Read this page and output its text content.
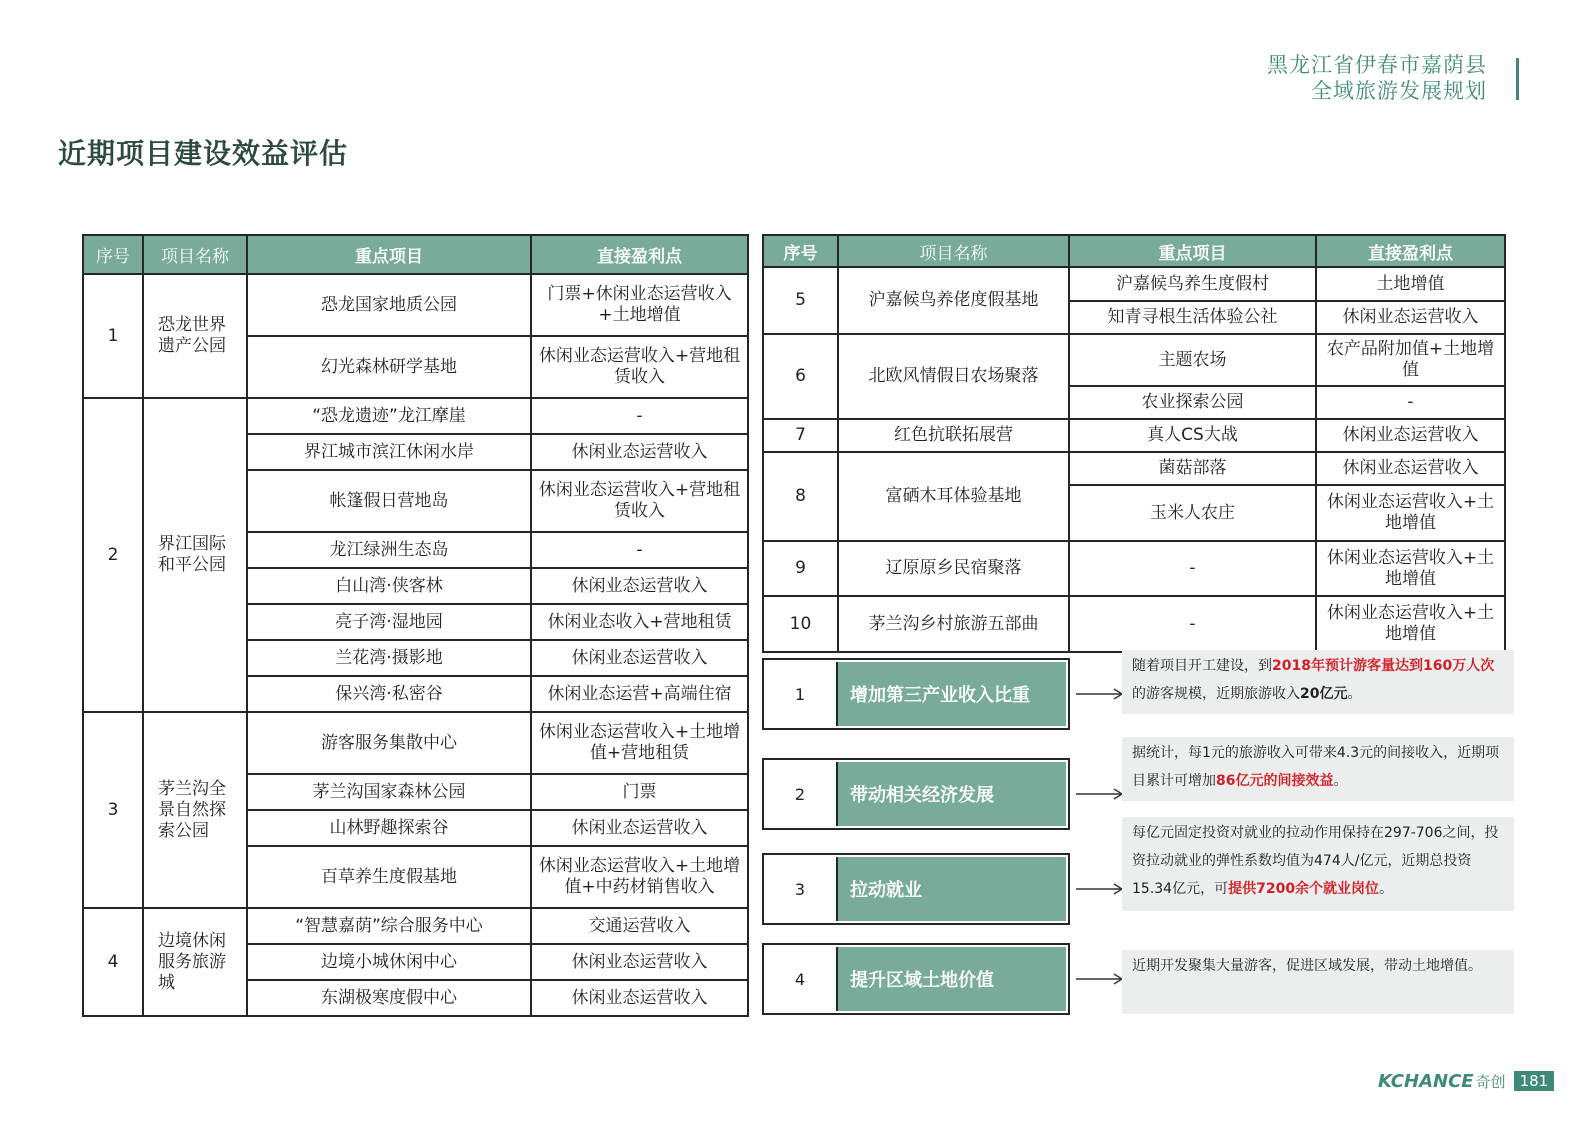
黑龙江省伊春市嘉荫县
全域旅游发展规划
近期项目建设效益评估
序号	项目名称	重点项目	直接盈利点
1	恐龙世界遗产公园	恐龙国家地质公园	门票+休闲业态运营收入+土地增值
		幻光森林研学基地	休闲业态运营收入+营地租赁收入
2	界江国际和平公园	“恐龙遗迹”龙江摩崖	-
		界江城市滨江休闲水岸	休闲业态运营收入
		帐篷假日营地岛	休闲业态运营收入+营地租赁收入
		龙江绿洲生态岛	-
		白山湾·侠客林	休闲业态运营收入
		亮子湾·湿地园	休闲业态收入+营地租赁
		兰花湾·摄影地	休闲业态运营收入
		保兴湾·私密谷	休闲业态运营+高端住宿
3	茅兰沟全景自然探索公园	游客服务集散中心	休闲业态运营收入+土地增值+营地租赁
		茅兰沟国家森林公园	门票
		山林野趣探索谷	休闲业态运营收入
		百草养生度假基地	休闲业态运营收入+土地增值+中药材销售收入
4	边境休闲服务旅游城	“智慧嘉荫”综合服务中心	交通运营收入
		边境小城休闲中心	休闲业态运营收入
		东湖极寒度假中心	休闲业态运营收入
序号	项目名称	重点项目	直接盈利点
5	沪嘉候鸟养佬度假基地	沪嘉候鸟养生度假村	土地增值
		知青寻根生活体验公社	休闲业态运营收入
6	北欧风情假日农场聚落	主题农场	农产品附加值+土地增值
		农业探索公园	-
7	红色抗联拓展营	真人CS大战	休闲业态运营收入
8	富硒木耳体验基地	菌菇部落	休闲业态运营收入
		玉米人农庄	休闲业态运营收入+土地增值
9	辽原原乡民宿聚落	-	休闲业态运营收入+土地增值
10	茅兰沟乡村旅游五部曲	-	休闲业态运营收入+土地增值
1	增加第三产业收入比重
随着项目开工建设，到2018年预计游客量达到160万人次的游客规模，近期旅游收入20亿元。
2	带动相关经济发展
据统计，每1元的旅游收入可带来4.3元的间接收入，近期项目累计可增加86亿元的间接效益。
3	拉动就业
每亿元固定投资对就业的拉动作用保持在297-706之间，投资拉动就业的弹性系数均值为474人/亿元，近期总投资15.34亿元，可提供7200余个就业岗位。
4	提升区域土地价值
近期开发聚集大量游客，促进区域发展，带动土地增值。
KCHANCE 奇创 181
